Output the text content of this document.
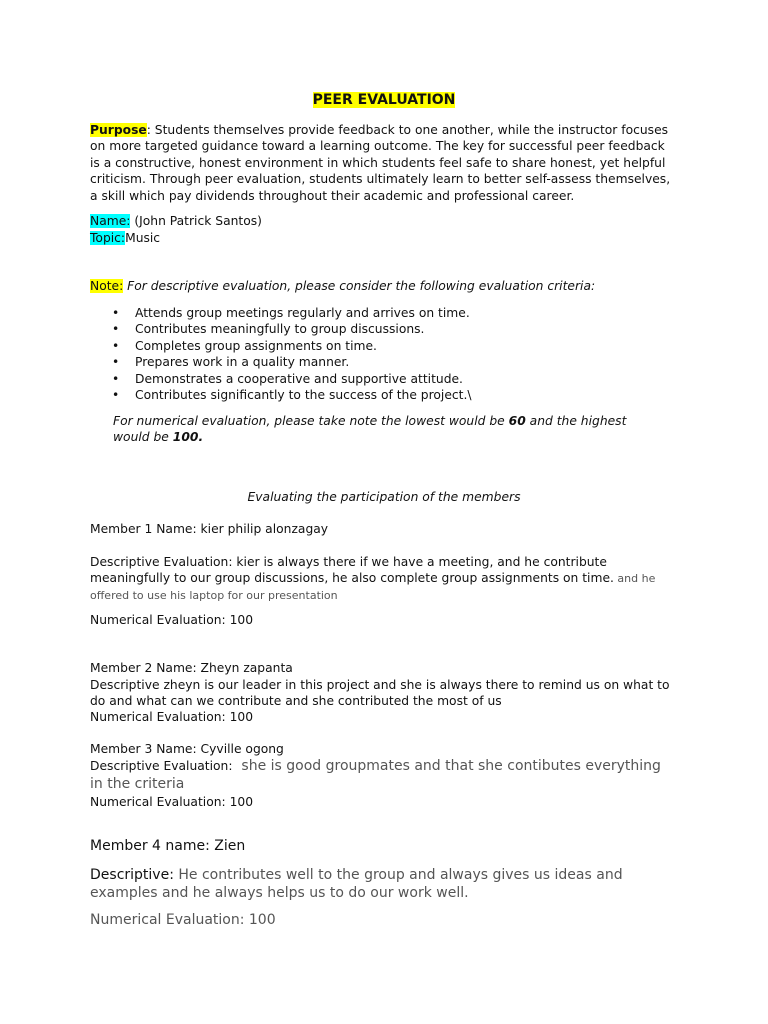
PEER EVALUATION
Purpose: Students themselves provide feedback to one another, while the instructor focuses on more targeted guidance toward a learning outcome. The key for successful peer feedback is a constructive, honest environment in which students feel safe to share honest, yet helpful criticism. Through peer evaluation, students ultimately learn to better self-assess themselves, a skill which pay dividends throughout their academic and professional career.
Name: (John Patrick Santos)
Topic:Music
Note: For descriptive evaluation, please consider the following evaluation criteria:
• Attends group meetings regularly and arrives on time.
• Contributes meaningfully to group discussions.
• Completes group assignments on time.
• Prepares work in a quality manner.
• Demonstrates a cooperative and supportive attitude.
• Contributes significantly to the success of the project.\
For numerical evaluation, please take note the lowest would be 60 and the highest would be 100.
Evaluating the participation of the members
Member 1 Name: kier philip alonzagay
Descriptive Evaluation: kier is always there if we have a meeting, and he contribute meaningfully to our group discussions, he also complete group assignments on time. and he offered to use his laptop for our presentation
Numerical Evaluation: 100
Member 2 Name: Zheyn zapanta
Descriptive zheyn is our leader in this project and she is always there to remind us on what to do and what can we contribute and she contributed the most of us
Numerical Evaluation: 100
Member 3 Name: Cyville ogong
Descriptive Evaluation:  she is good groupmates and that she contibutes everything in the criteria
Numerical Evaluation: 100
Member 4 name: Zien
Descriptive: He contributes well to the group and always gives us ideas and examples and he always helps us to do our work well.
Numerical Evaluation: 100
